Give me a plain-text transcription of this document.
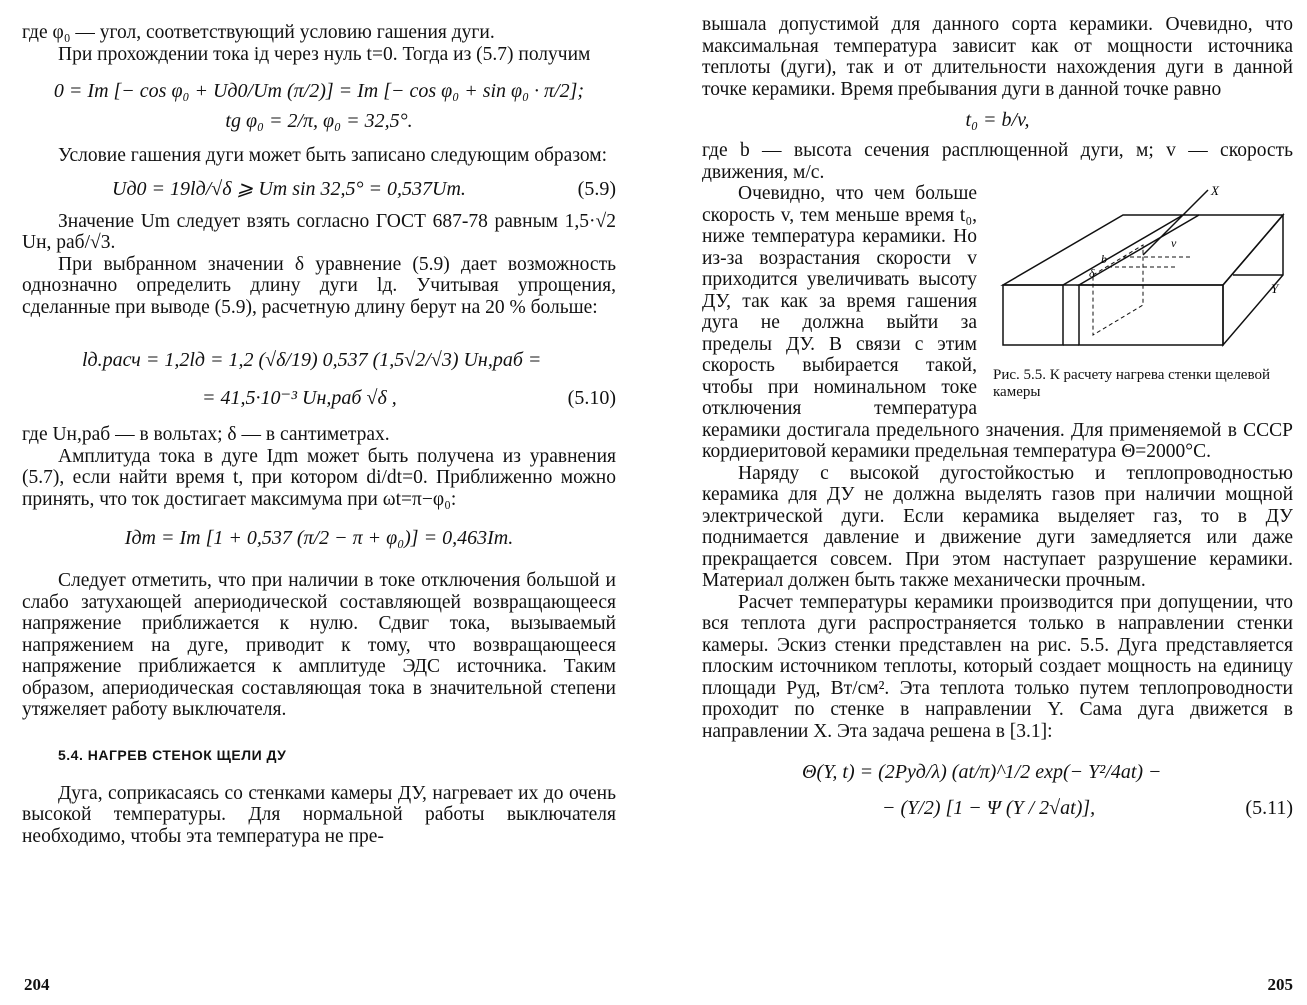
где φ₀ — угол, соответствующий условию гашения дуги.

При прохождении тока iд через нуль t=0. Тогда из (5.7) получим

0 = Im [− cos φ₀ + Uд0/Um (π/2)] = Im [− cos φ₀ + sin φ₀ · π/2];
tg φ₀ = 2/π, φ₀ = 32,5°.

Условие гашения дуги может быть записано следующим образом:

Uд0 = 19lд/√δ ⩾ Um sin 32,5° = 0,537Um.	(5.9)

Значение Um следует взять согласно ГОСТ 687-78 равным 1,5·√2 Uн, раб/√3.

При выбранном значении δ уравнение (5.9) дает возможность однозначно определить длину дуги lд. Учитывая упрощения, сделанные при выводе (5.9), расчетную длину берут на 20 % больше:

lд.расч = 1,2lд = 1,2 (√δ/19) 0,537 (1,5√2/√3) Uн,раб =
= 41,5·10⁻³ Uн,раб √δ ,	(5.10)

где Uн,раб — в вольтах; δ — в сантиметрах.

Амплитуда тока в дуге Iдm может быть получена из уравнения (5.7), если найти время t, при котором di/dt=0. Приближенно можно принять, что ток достигает максимума при ωt=π−φ₀:

Iдm = Im [1 + 0,537 (π/2 − π + φ₀)] = 0,463Im.

Следует отметить, что при наличии в токе отключения большой и слабо затухающей апериодической составляющей возвращающееся напряжение приближается к нулю. Сдвиг тока, вызываемый напряжением на дуге, приводит к тому, что возвращающееся напряжение приближается к амплитуде ЭДС источника. Таким образом, апериодическая составляющая тока в значительной степени утяжеляет работу выключателя.

5.4. НАГРЕВ СТЕНОК ЩЕЛИ ДУ

Дуга, соприкасаясь со стенками камеры ДУ, нагревает их до очень высокой температуры. Для нормальной работы выключателя необходимо, чтобы эта температура не пре-

204

вышала допустимой для данного сорта керамики. Очевидно, что максимальная температура зависит как от мощности источника теплоты (дуги), так и от длительности нахождения дуги в данной точке керамики. Время пребывания дуги в данной точке равно

t₀ = b/v,

где b — высота сечения расплющенной дуги, м; v — скорость движения, м/с.

X
Y
b
v
δ
Рис. 5.5. К расчету нагрева стенки щелевой камеры

Очевидно, что чем больше скорость v, тем меньше время t₀, ниже температура керамики. Но из-за возрастания скорости v приходится увеличивать высоту ДУ, так как за время гашения дуга не должна выйти за пределы ДУ. В связи с этим скорость выбирается такой, чтобы при номинальном токе отключения температура керамики достигала предельного значения. Для применяемой в СССР кордиеритовой керамики предельная температура Θ=2000°C.

Наряду с высокой дугостойкостью и теплопроводностью керамика для ДУ не должна выделять газов при наличии мощной электрической дуги. Если керамика выделяет газ, то в ДУ поднимается давление и движение дуги замедляется или даже прекращается совсем. При этом наступает разрушение керамики. Материал должен быть также механически прочным.

Расчет температуры керамики производится при допущении, что вся теплота дуги распространяется только в направлении стенки камеры. Эскиз стенки представлен на рис. 5.5. Дуга представляется плоским источником теплоты, который создает мощность на единицу площади Pуд, Вт/см². Эта теплота только путем теплопроводности проходит по стенке в направлении Y. Сама дуга движется в направлении X. Эта задача решена в [3.1]:

Θ(Y, t) = (2Pуд/λ) (at/π)^1/2 exp(− Y²/4at) −
− (Y/2) [1 − Ψ (Y / 2√at)],	(5.11)
205
